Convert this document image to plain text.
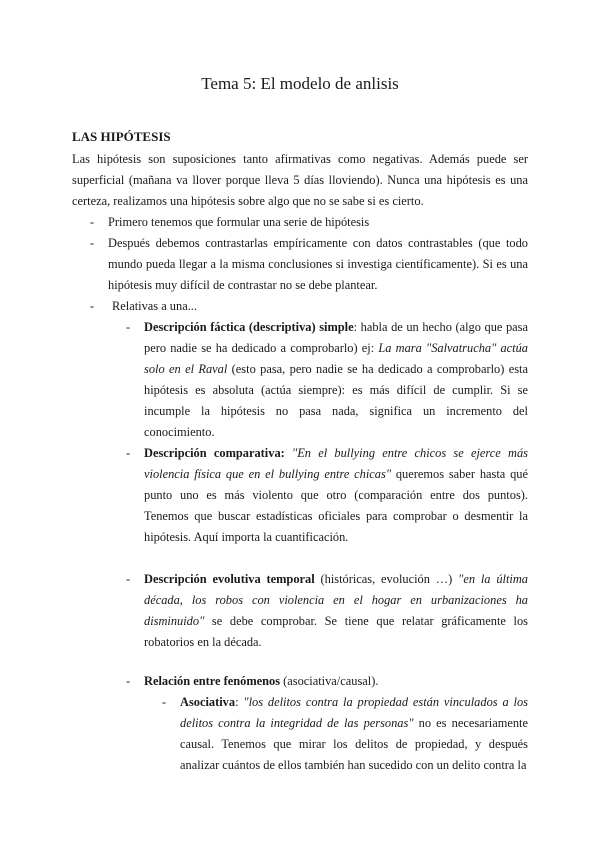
Tema 5: El modelo de anlisis
LAS HIPÓTESIS
Las hipótesis son suposiciones tanto afirmativas como negativas. Además puede ser superficial (mañana va llover porque lleva 5 días lloviendo). Nunca una hipótesis es una certeza, realizamos una hipótesis sobre algo que no se sabe si es cierto.
- Primero tenemos que formular una serie de hipótesis
- Después debemos contrastarlas empíricamente con datos contrastables (que todo mundo pueda llegar a la misma conclusiones si investiga científicamente). Si es una hipótesis muy difícil de contrastar no se debe plantear.
- Relativas a una...
- Descripción fáctica (descriptiva) simple: habla de un hecho (algo que pasa pero nadie se ha dedicado a comprobarlo) ej: La mara "Salvatrucha" actúa solo en el Raval (esto pasa, pero nadie se ha dedicado a comprobarlo) esta hipótesis es absoluta (actúa siempre): es más difícil de cumplir. Si se incumple la hipótesis no pasa nada, significa un incremento del conocimiento.
- Descripción comparativa: "En el bullying entre chicos se ejerce más violencia física que en el bullying entre chicas" queremos saber hasta qué punto uno es más violento que otro (comparación entre dos puntos). Tenemos que buscar estadísticas oficiales para comprobar o desmentir la hipótesis. Aquí importa la cuantificación.
- Descripción evolutiva temporal (históricas, evolución …) "en la última década, los robos con violencia en el hogar en urbanizaciones ha disminuido" se debe comprobar. Se tiene que relatar gráficamente los robatorios en la década.
- Relación entre fenómenos (asociativa/causal).
- Asociativa: "los delitos contra la propiedad están vinculados a los delitos contra la integridad de las personas" no es necesariamente causal. Tenemos que mirar los delitos de propiedad, y después analizar cuántos de ellos también han sucedido con un delito contra la
